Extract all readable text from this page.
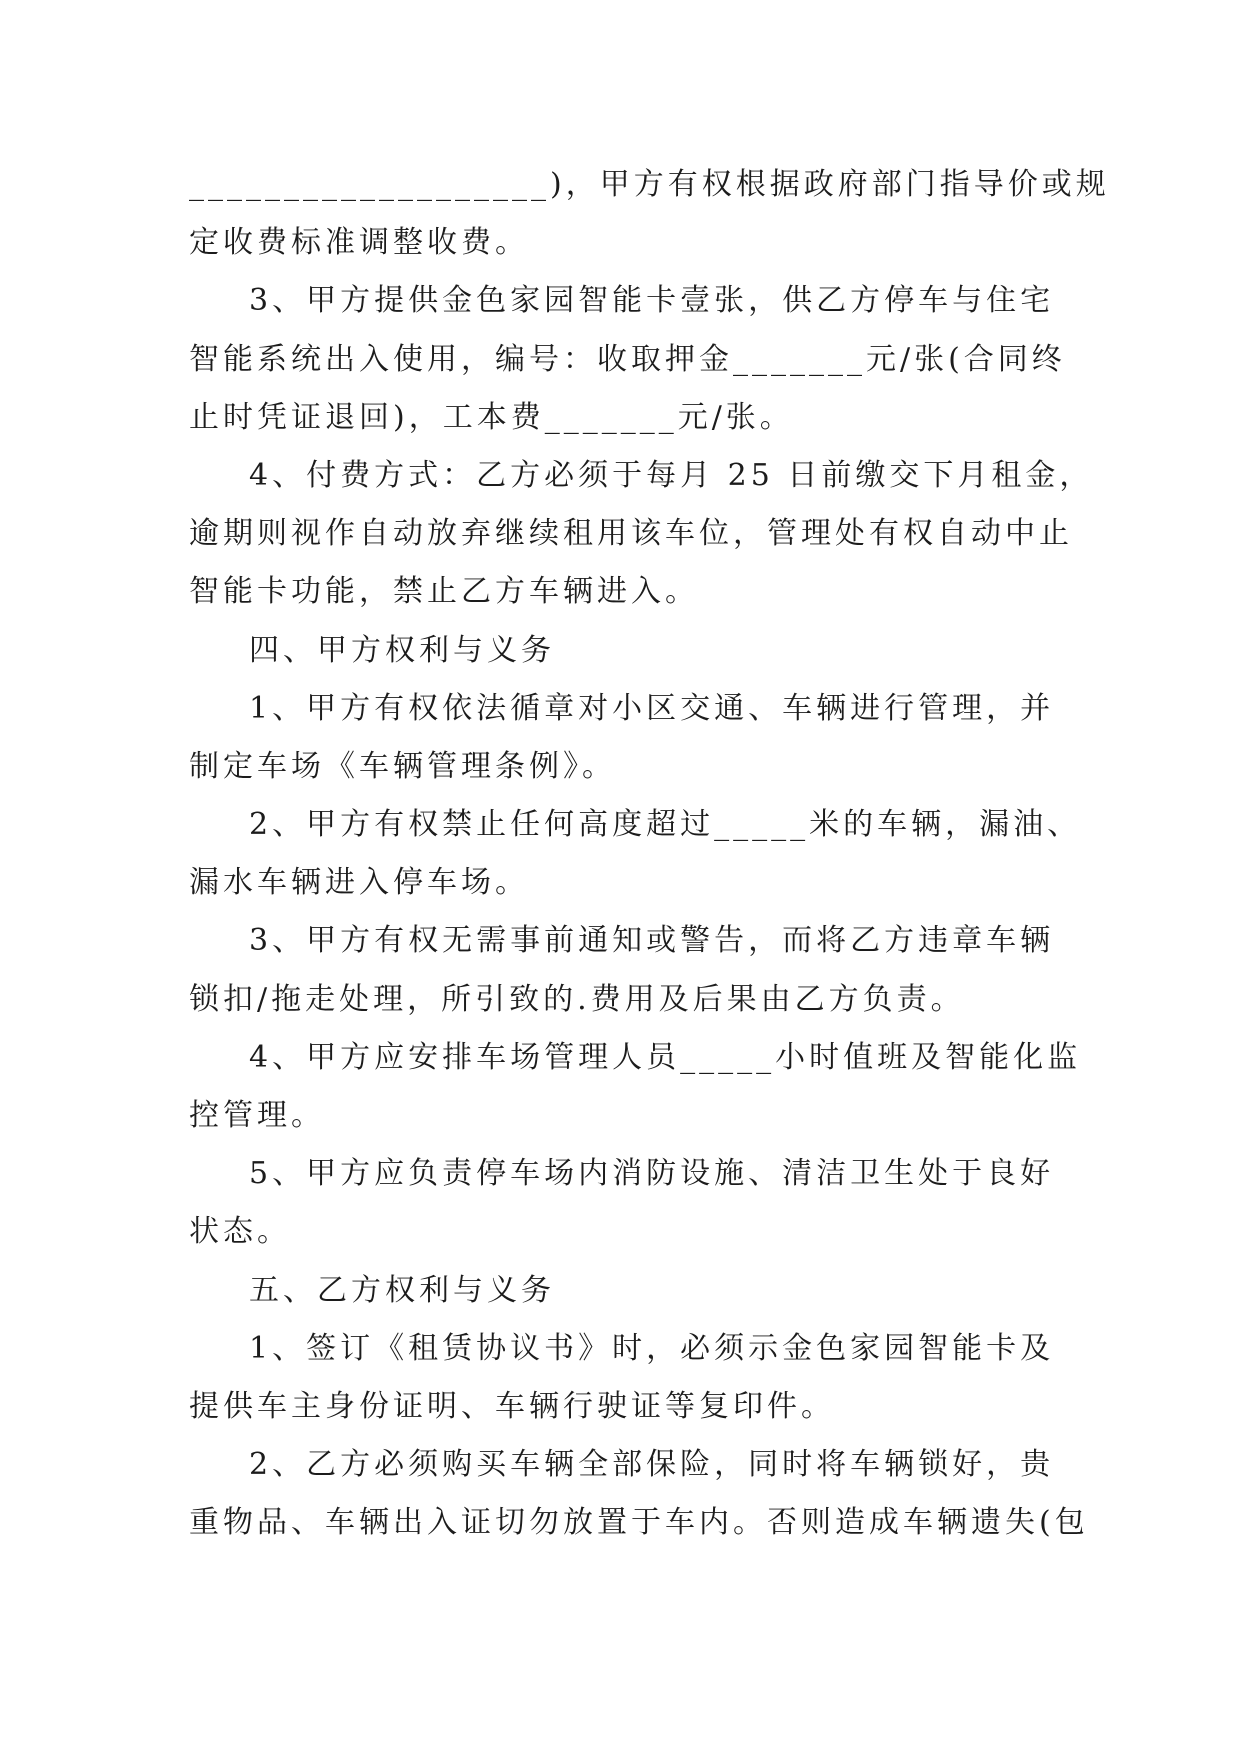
___________________)，甲方有权根据政府部门指导价或规
定收费标准调整收费。
3、甲方提供金色家园智能卡壹张，供乙方停车与住宅
智能系统出入使用，编号：收取押金_______元/张(合同终
止时凭证退回)，工本费_______元/张。
4、付费方式：乙方必须于每月 25 日前缴交下月租金，
逾期则视作自动放弃继续租用该车位，管理处有权自动中止
智能卡功能，禁止乙方车辆进入。
四、甲方权利与义务
1、甲方有权依法循章对小区交通、车辆进行管理，并
制定车场《车辆管理条例》。
2、甲方有权禁止任何高度超过_____米的车辆，漏油、
漏水车辆进入停车场。
3、甲方有权无需事前通知或警告，而将乙方违章车辆
锁扣/拖走处理，所引致的.费用及后果由乙方负责。
4、甲方应安排车场管理人员_____小时值班及智能化监
控管理。
5、甲方应负责停车场内消防设施、清洁卫生处于良好
状态。
五、乙方权利与义务
1、签订《租赁协议书》时，必须示金色家园智能卡及
提供车主身份证明、车辆行驶证等复印件。
2、乙方必须购买车辆全部保险，同时将车辆锁好，贵
重物品、车辆出入证切勿放置于车内。否则造成车辆遗失(包
